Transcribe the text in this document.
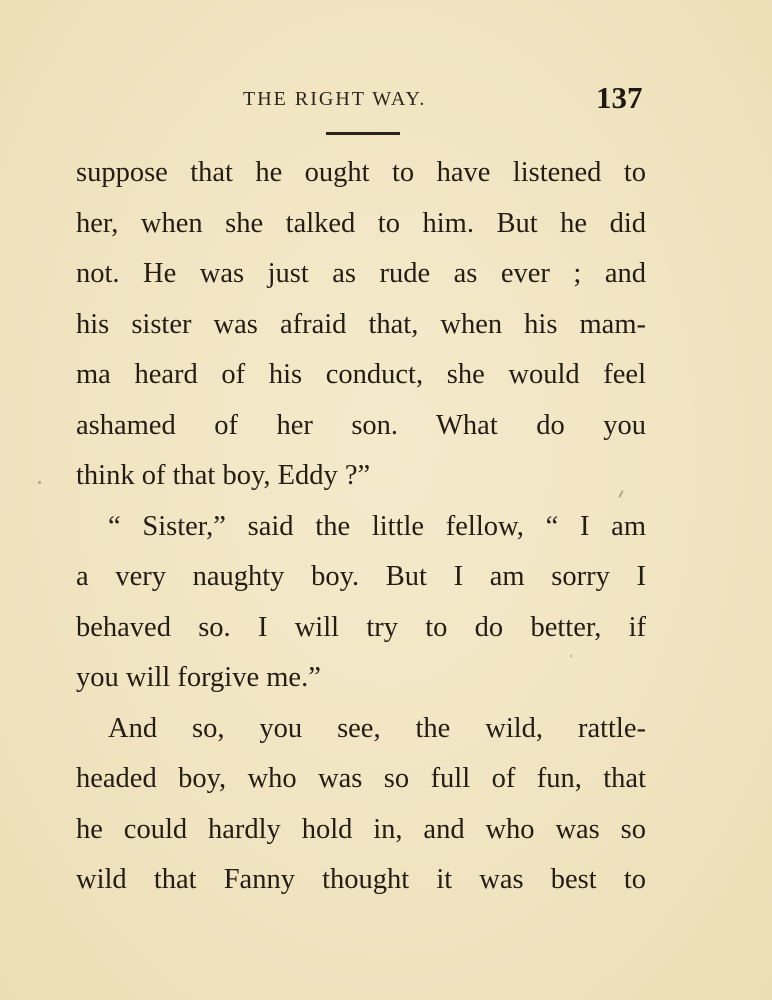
THE RIGHT WAY.	137
suppose that he ought to have listened to
her, when she talked to him. But he did
not. He was just as rude as ever ; and
his sister was afraid that, when his mam-
ma heard of his conduct, she would feel
ashamed of her son. What do you
think of that boy, Eddy ?”
“ Sister,” said the little fellow, “ I am
a very naughty boy. But I am sorry I
behaved so. I will try to do better, if
you will forgive me.”
And so, you see, the wild, rattle-
headed boy, who was so full of fun, that
he could hardly hold in, and who was so
wild that Fanny thought it was best to
